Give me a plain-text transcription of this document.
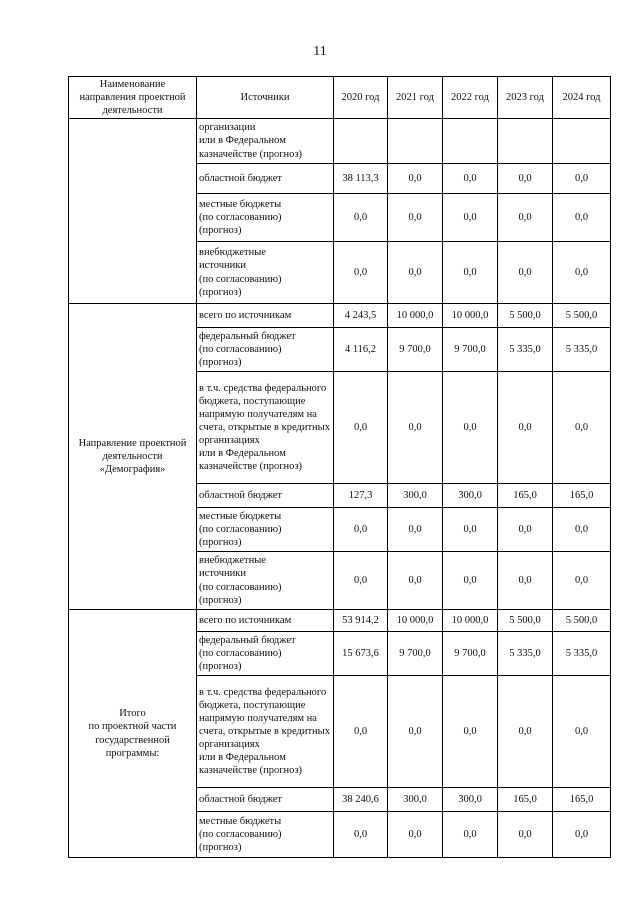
11
Наименование направления проектной деятельности	Источники	2020 год	2021 год	2022 год	2023 год	2024 год
	организации
или в Федеральном казначействе (прогноз)					
	областной бюджет	38 113,3	0,0	0,0	0,0	0,0
	местные бюджеты
(по согласованию)
(прогноз)	0,0	0,0	0,0	0,0	0,0
	внебюджетные
источники
(по согласованию)
(прогноз)	0,0	0,0	0,0	0,0	0,0
Направление проектной деятельности «Демография»	всего по источникам	4 243,5	10 000,0	10 000,0	5 500,0	5 500,0
	федеральный бюджет
(по согласованию)
(прогноз)	4 116,2	9 700,0	9 700,0	5 335,0	5 335,0
	в т.ч. средства федерального бюджета, поступающие напрямую получателям на счета, открытые в кредитных организациях
или в Федеральном казначействе (прогноз)	0,0	0,0	0,0	0,0	0,0
	областной бюджет	127,3	300,0	300,0	165,0	165,0
	местные бюджеты
(по согласованию)
(прогноз)	0,0	0,0	0,0	0,0	0,0
	внебюджетные
источники
(по согласованию)
(прогноз)	0,0	0,0	0,0	0,0	0,0
Итого
по проектной части государственной программы:	всего по источникам	53 914,2	10 000,0	10 000,0	5 500,0	5 500,0
	федеральный бюджет
(по согласованию)
(прогноз)	15 673,6	9 700,0	9 700,0	5 335,0	5 335,0
	в т.ч. средства федерального бюджета, поступающие напрямую получателям на счета, открытые в кредитных организациях
или в Федеральном казначействе (прогноз)	0,0	0,0	0,0	0,0	0,0
	областной бюджет	38 240,6	300,0	300,0	165,0	165,0
	местные бюджеты
(по согласованию)
(прогноз)	0,0	0,0	0,0	0,0	0,0
